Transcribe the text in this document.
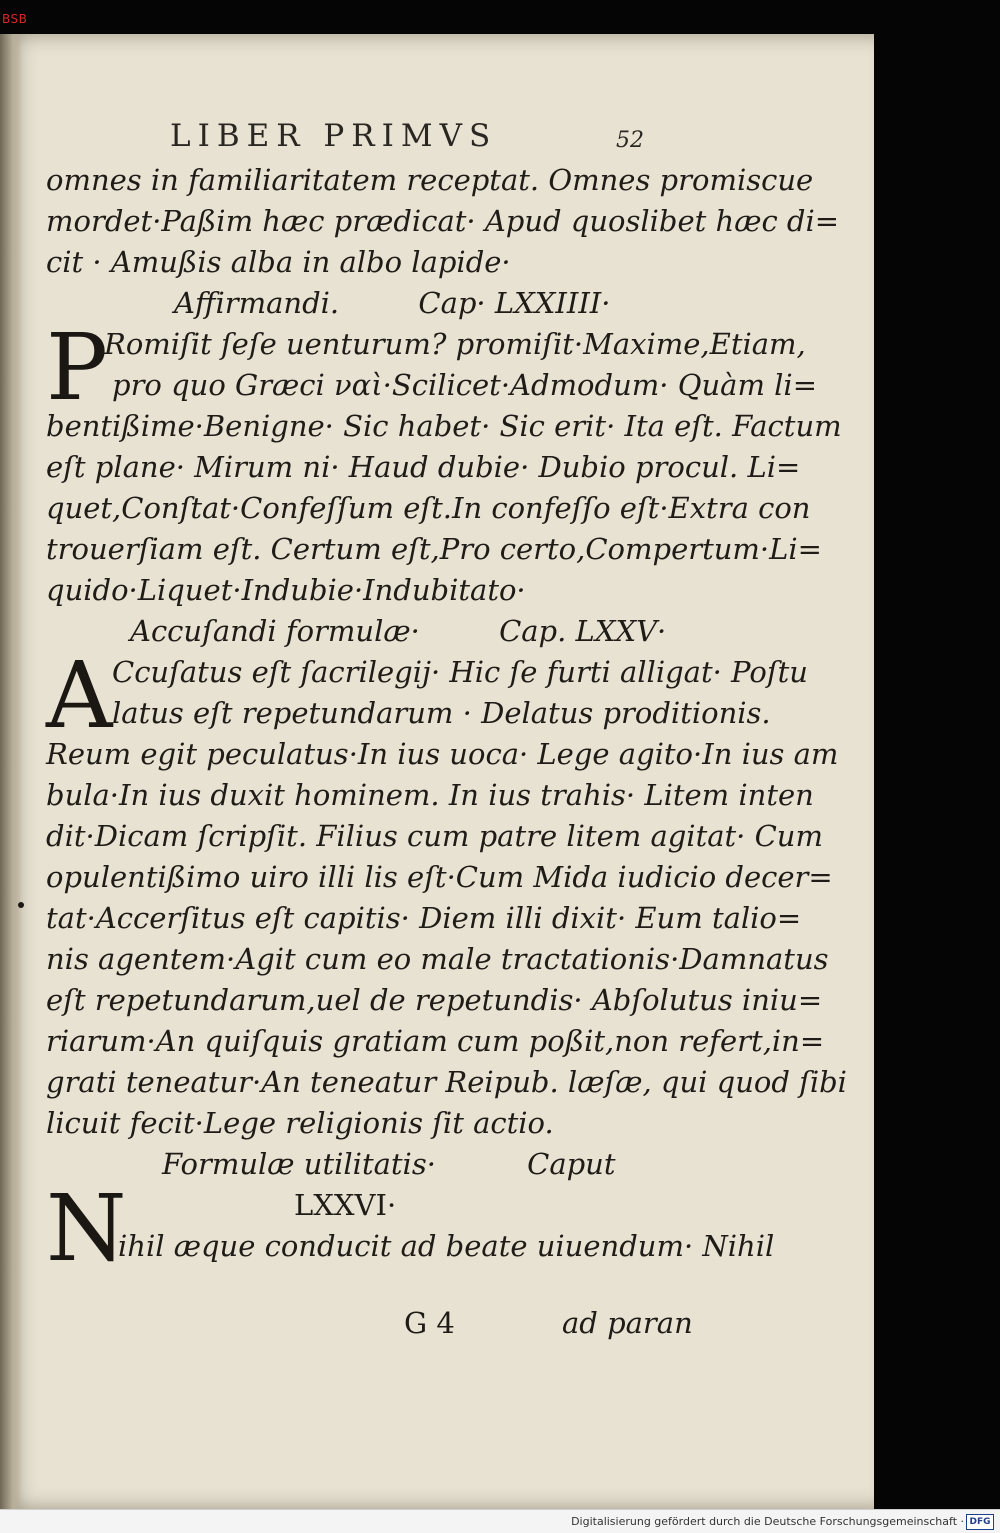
BSB
LIBER PRIMVS	52
omnes in familiaritatem receptat. Omnes promiscue
mordet·Paßim hæc prædicat· Apud quoslibet hæc di=
cit · Amußis alba in albo lapide·
Affirmandi.	Cap· LXXIIII·
P
Romiſit ſeſe uenturum? promiſit·Maxime,Etiam,
pro quo Græci ναὶ·Scilicet·Admodum· Quàm li=
bentißime·Benigne· Sic habet· Sic erit· Ita eſt. Factum
eſt plane· Mirum ni· Haud dubie· Dubio procul. Li=
quet,Conſtat·Confeſſum eſt.In confeſſo eſt·Extra con
trouerſiam eſt. Certum eſt,Pro certo,Compertum·Li=
quido·Liquet·Indubie·Indubitato·
Accuſandi formulæ·	Cap. LXXV·
A Ccuſatus eſt ſacrilegij· Hic ſe furti alligat· Poſtu
latus eſt repetundarum · Delatus proditionis.
Reum egit peculatus·In ius uoca· Lege agito·In ius am
bula·In ius duxit hominem. In ius trahis· Litem inten
dit·Dicam ſcripſit. Filius cum patre litem agitat· Cum
opulentißimo uiro illi lis eſt·Cum Mida iudicio decer=
tat·Accerſitus eſt capitis· Diem illi dixit· Eum talio=
nis agentem·Agit cum eo male tractationis·Damnatus
eſt repetundarum,uel de repetundis· Abſolutus iniu=
riarum·An quiſquis gratiam cum poßit,non refert,in=
grati teneatur·An teneatur Reipub. læſæ, qui quod ſibi
licuit fecit·Lege religionis ſit actio.
Formulæ utilitatis·	Caput
N	LXXVI·
ihil æque conducit ad beate uiuendum· Nihil
G 4	ad paran
Digitalisierung gefördert durch die Deutsche Forschungsgemeinschaft · DFG
